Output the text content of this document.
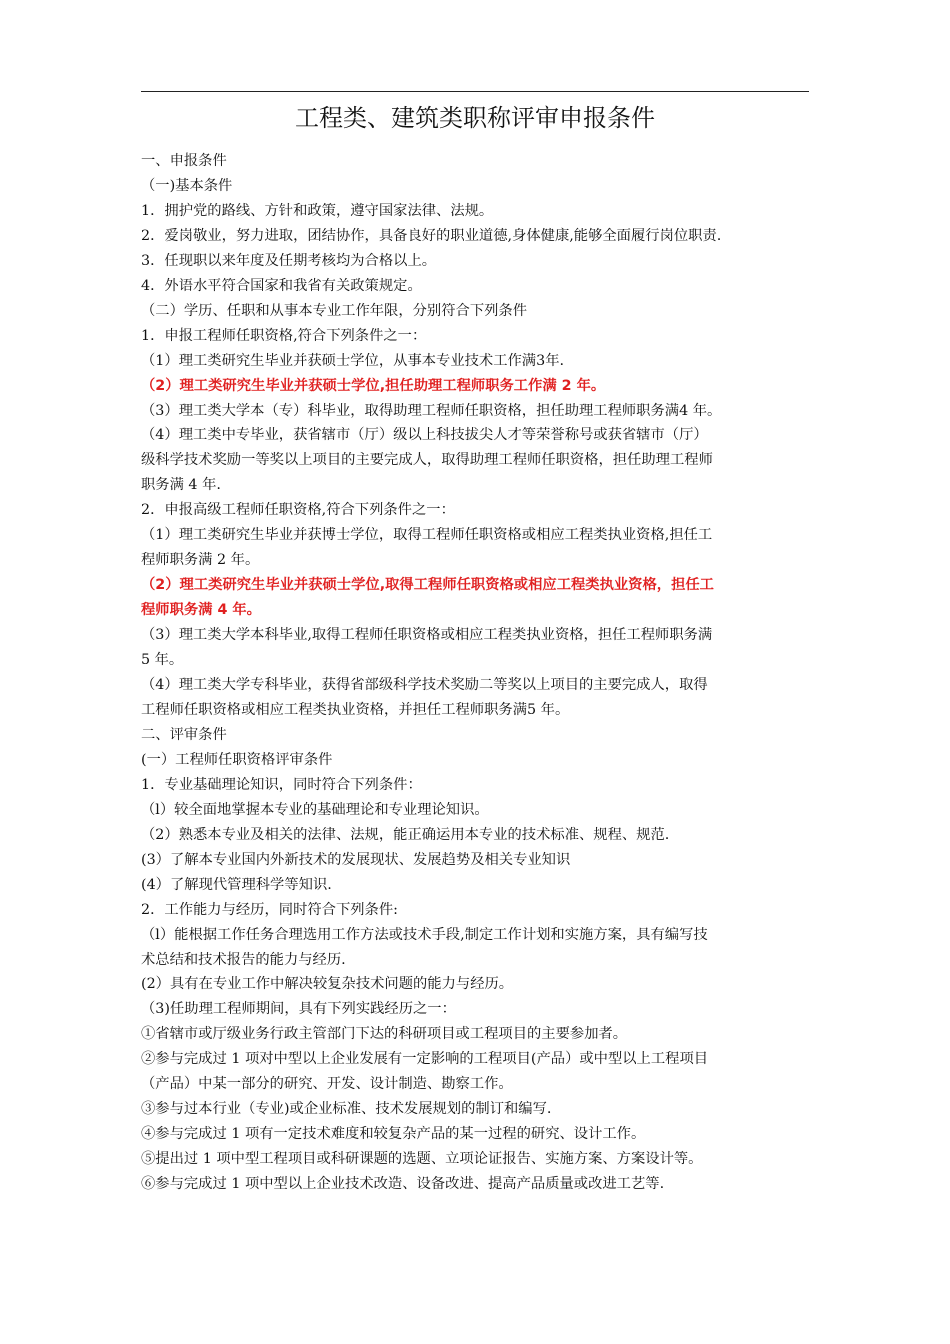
工程类、建筑类职称评审申报条件
一、申报条件
（一)基本条件
1．拥护党的路线、方针和政策，遵守国家法律、法规。
2．爱岗敬业，努力进取，团结协作，具备良好的职业道德,身体健康,能够全面履行岗位职责.
3．任现职以来年度及任期考核均为合格以上。
4．外语水平符合国家和我省有关政策规定。
（二）学历、任职和从事本专业工作年限，分别符合下列条件
1．申报工程师任职资格,符合下列条件之一：
（1）理工类研究生毕业并获硕士学位，从事本专业技术工作满3年.
（2）理工类研究生毕业并获硕士学位,担任助理工程师职务工作满 2 年。
（3）理工类大学本（专）科毕业，取得助理工程师任职资格，担任助理工程师职务满4 年。
（4）理工类中专毕业，获省辖市（厅）级以上科技拔尖人才等荣誉称号或获省辖市（厅）
级科学技术奖励一等奖以上项目的主要完成人，取得助理工程师任职资格，担任助理工程师
职务满 4 年.
2．申报高级工程师任职资格,符合下列条件之一：
（1）理工类研究生毕业并获博士学位，取得工程师任职资格或相应工程类执业资格,担任工
程师职务满 2 年。
（2）理工类研究生毕业并获硕士学位,取得工程师任职资格或相应工程类执业资格，担任工
程师职务满 4 年。
（3）理工类大学本科毕业,取得工程师任职资格或相应工程类执业资格，担任工程师职务满
5 年。
（4）理工类大学专科毕业，获得省部级科学技术奖励二等奖以上项目的主要完成人，取得
工程师任职资格或相应工程类执业资格，并担任工程师职务满5 年。
二、评审条件
(一）工程师任职资格评审条件
1．专业基础理论知识，同时符合下列条件：
（l）较全面地掌握本专业的基础理论和专业理论知识。
（2）熟悉本专业及相关的法律、法规，能正确运用本专业的技术标准、规程、规范.
(3）了解本专业国内外新技术的发展现状、发展趋势及相关专业知识
(4）了解现代管理科学等知识.
2．工作能力与经历，同时符合下列条件:
（l）能根据工作任务合理选用工作方法或技术手段,制定工作计划和实施方案，具有编写技
术总结和技术报告的能力与经历.
(2）具有在专业工作中解决较复杂技术问题的能力与经历。
（3)任助理工程师期间，具有下列实践经历之一：
①省辖市或厅级业务行政主管部门下达的科研项目或工程项目的主要参加者。
②参与完成过 1 项对中型以上企业发展有一定影响的工程项目(产品）或中型以上工程项目
（产品）中某一部分的研究、开发、设计制造、勘察工作。
③参与过本行业（专业)或企业标准、技术发展规划的制订和编写.
④参与完成过 1 项有一定技术难度和较复杂产品的某一过程的研究、设计工作。
⑤提出过 1 项中型工程项目或科研课题的选题、立项论证报告、实施方案、方案设计等。
⑥参与完成过 1 项中型以上企业技术改造、设备改进、提高产品质量或改进工艺等.
